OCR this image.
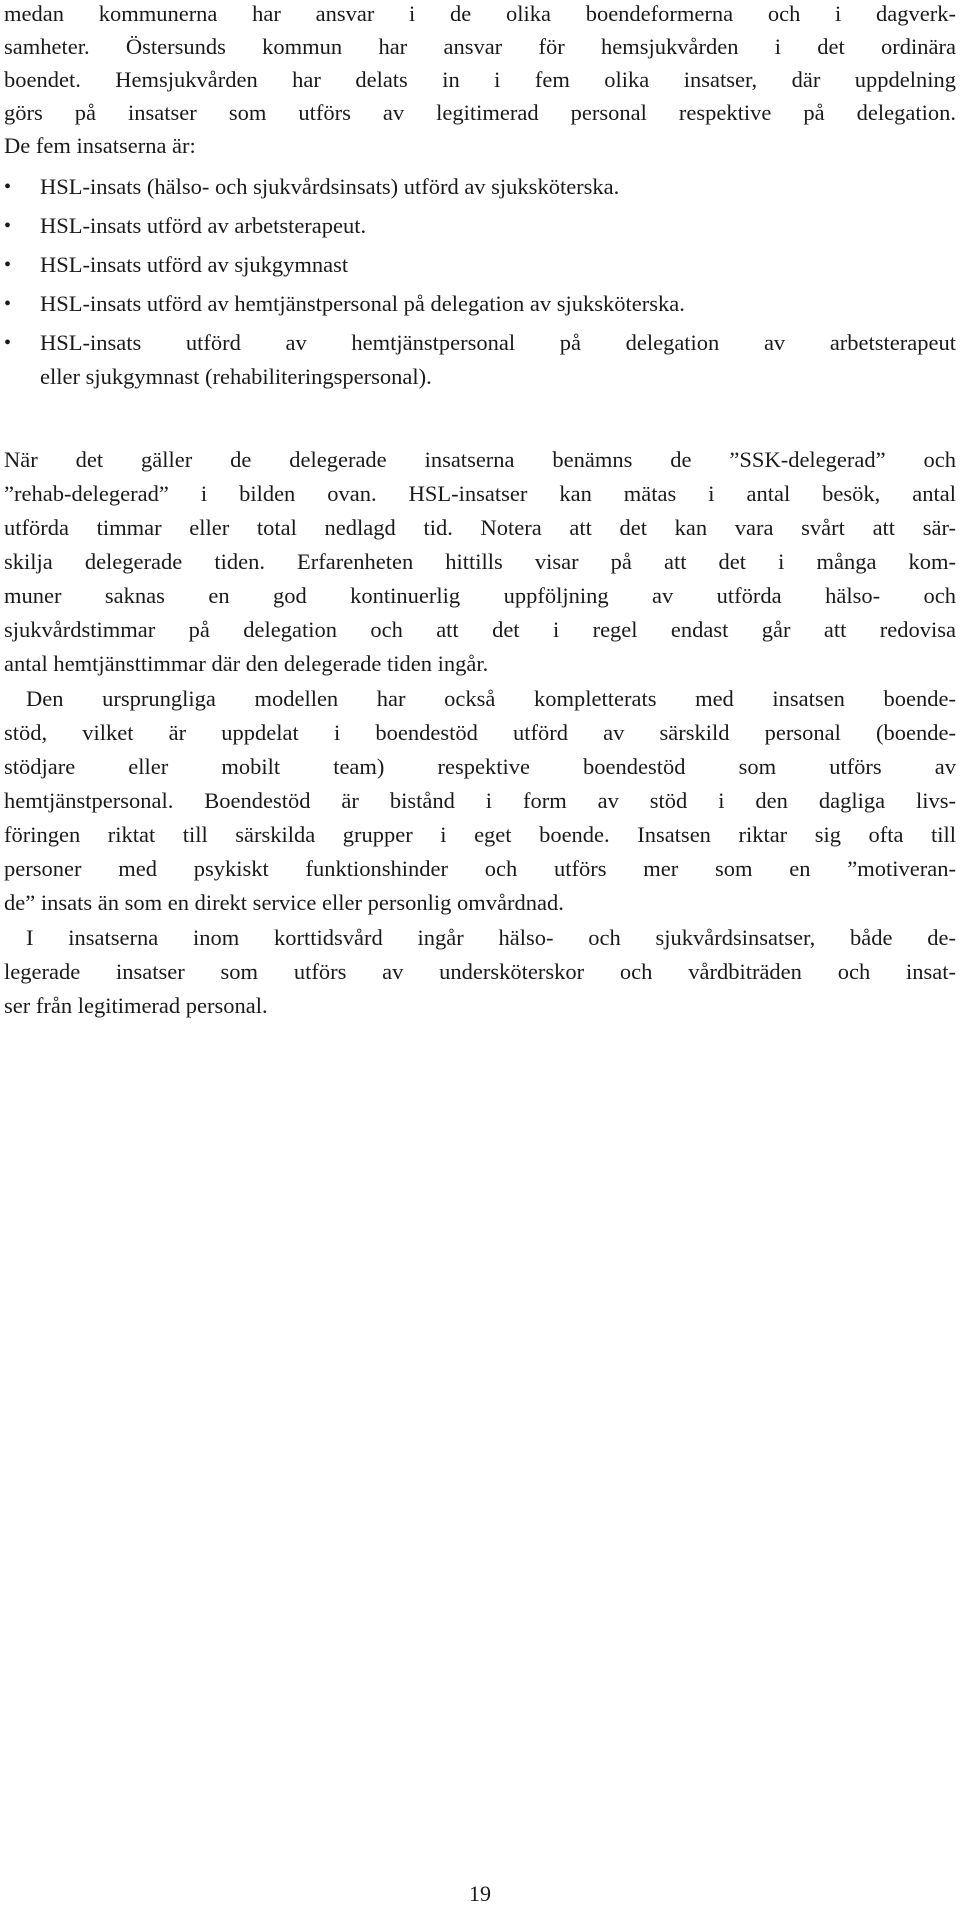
medan kommunerna har ansvar i de olika boendeformerna och i dagverk-
samheter. Östersunds kommun har ansvar för hemsjukvården i det ordinära
boendet. Hemsjukvården har delats in i fem olika insatser, där uppdelning
görs på insatser som utförs av legitimerad personal respektive på delegation.
De fem insatserna är:
•	HSL-insats (hälso- och sjukvårdsinsats) utförd av sjuksköterska.
•	HSL-insats utförd av arbetsterapeut.
•	HSL-insats utförd av sjukgymnast
•	HSL-insats utförd av hemtjänstpersonal på delegation av sjuksköterska.
•	HSL-insats utförd av hemtjänstpersonal på delegation av arbetsterapeut
eller sjukgymnast (rehabiliteringspersonal).
När det gäller de delegerade insatserna benämns de ”SSK-delegerad” och
”rehab-delegerad” i bilden ovan. HSL-insatser kan mätas i antal besök, antal
utförda timmar eller total nedlagd tid. Notera att det kan vara svårt att sär-
skilja delegerade tiden. Erfarenheten hittills visar på att det i många kom-
muner saknas en god kontinuerlig uppföljning av utförda hälso- och
sjukvårdstimmar på delegation och att det i regel endast går att redovisa
antal hemtjänsttimmar där den delegerade tiden ingår.
Den ursprungliga modellen har också kompletterats med insatsen boende-
stöd, vilket är uppdelat i boendestöd utförd av särskild personal (boende-
stödjare eller mobilt team) respektive boendestöd som utförs av
hemtjänstpersonal. Boendestöd är bistånd i form av stöd i den dagliga livs-
föringen riktat till särskilda grupper i eget boende. Insatsen riktar sig ofta till
personer med psykiskt funktionshinder och utförs mer som en ”motiveran-
de” insats än som en direkt service eller personlig omvårdnad.
I insatserna inom korttidsvård ingår hälso- och sjukvårdsinsatser, både de-
legerade insatser som utförs av undersköterskor och vårdbiträden och insat-
ser från legitimerad personal.
19
